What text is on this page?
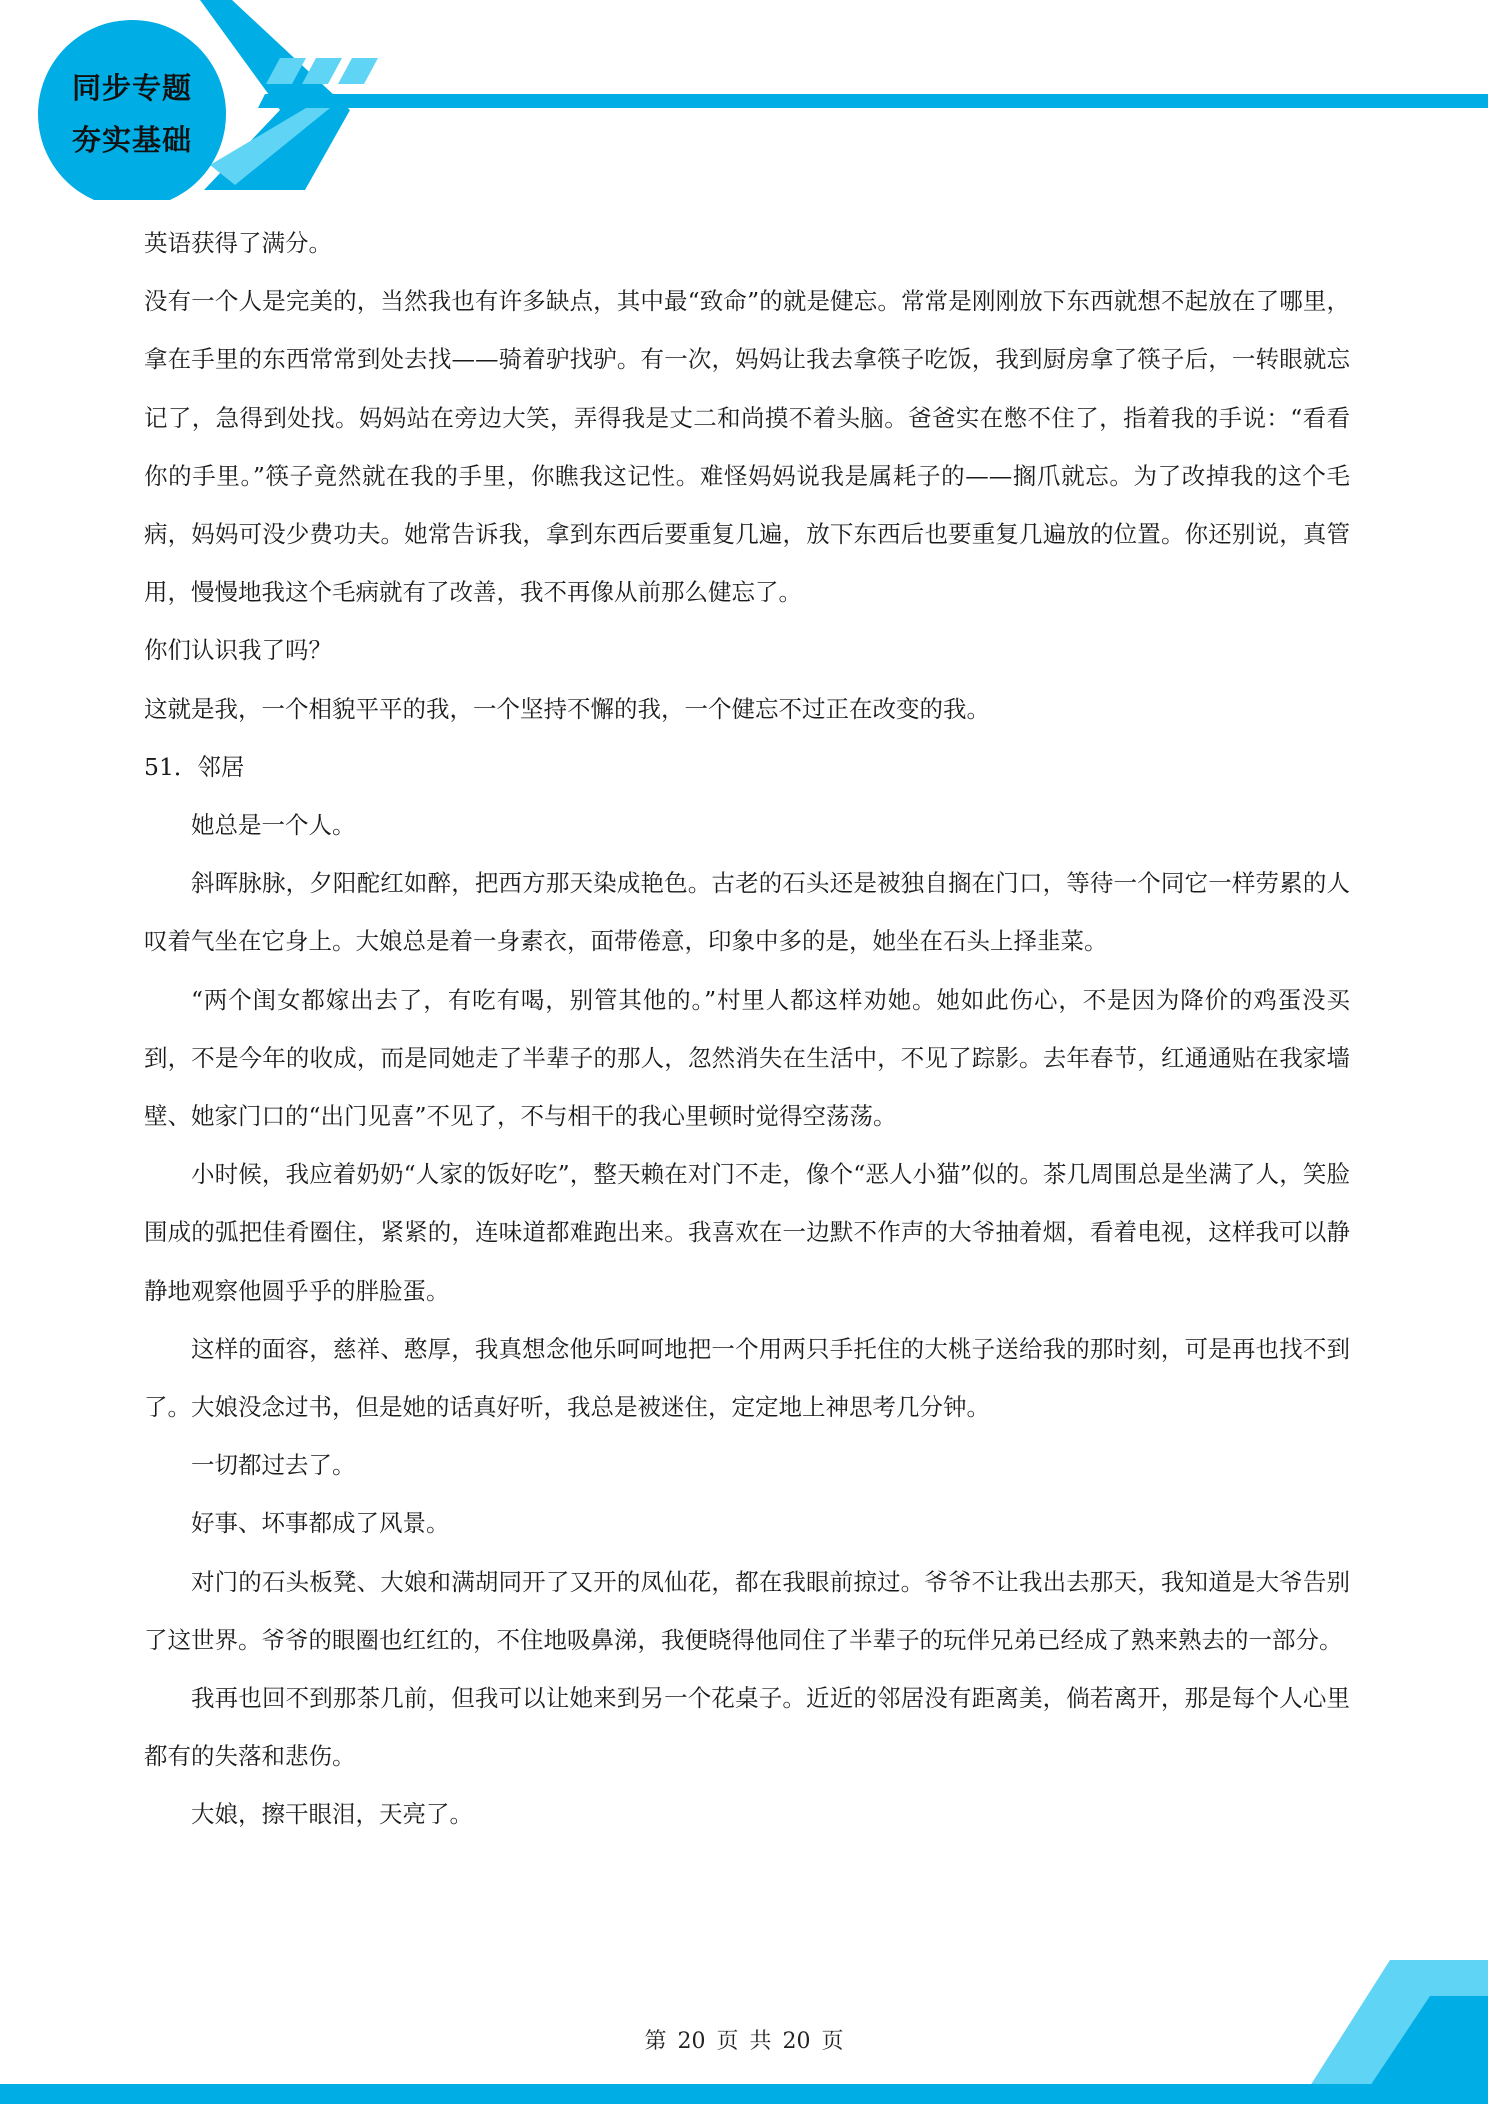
同步专题
夯实基础

英语获得了满分。

没有一个人是完美的，当然我也有许多缺点，其中最“致命”的就是健忘。常常是刚刚放下东西就想不起放在了哪里，拿在手里的东西常常到处去找——骑着驴找驴。有一次，妈妈让我去拿筷子吃饭，我到厨房拿了筷子后，一转眼就忘记了，急得到处找。妈妈站在旁边大笑，弄得我是丈二和尚摸不着头脑。爸爸实在憋不住了，指着我的手说：“看看你的手里。”筷子竟然就在我的手里，你瞧我这记性。难怪妈妈说我是属耗子的——搁爪就忘。为了改掉我的这个毛病，妈妈可没少费功夫。她常告诉我，拿到东西后要重复几遍，放下东西后也要重复几遍放的位置。你还别说，真管用，慢慢地我这个毛病就有了改善，我不再像从前那么健忘了。

你们认识我了吗？

这就是我，一个相貌平平的我，一个坚持不懈的我，一个健忘不过正在改变的我。

51．邻居

她总是一个人。

斜晖脉脉，夕阳酡红如醉，把西方那天染成艳色。古老的石头还是被独自搁在门口，等待一个同它一样劳累的人叹着气坐在它身上。大娘总是着一身素衣，面带倦意，印象中多的是，她坐在石头上择韭菜。

“两个闺女都嫁出去了，有吃有喝，别管其他的。”村里人都这样劝她。她如此伤心，不是因为降价的鸡蛋没买到，不是今年的收成，而是同她走了半辈子的那人，忽然消失在生活中，不见了踪影。去年春节，红通通贴在我家墙壁、她家门口的“出门见喜”不见了，不与相干的我心里顿时觉得空荡荡。

小时候，我应着奶奶“人家的饭好吃”，整天赖在对门不走，像个“恶人小猫”似的。茶几周围总是坐满了人，笑脸围成的弧把佳肴圈住，紧紧的，连味道都难跑出来。我喜欢在一边默不作声的大爷抽着烟，看着电视，这样我可以静静地观察他圆乎乎的胖脸蛋。

这样的面容，慈祥、憨厚，我真想念他乐呵呵地把一个用两只手托住的大桃子送给我的那时刻，可是再也找不到了。大娘没念过书，但是她的话真好听，我总是被迷住，定定地上神思考几分钟。

一切都过去了。

好事、坏事都成了风景。

对门的石头板凳、大娘和满胡同开了又开的凤仙花，都在我眼前掠过。爷爷不让我出去那天，我知道是大爷告别了这世界。爷爷的眼圈也红红的，不住地吸鼻涕，我便晓得他同住了半辈子的玩伴兄弟已经成了熟来熟去的一部分。

我再也回不到那茶几前，但我可以让她来到另一个花桌子。近近的邻居没有距离美，倘若离开，那是每个人心里都有的失落和悲伤。

大娘，擦干眼泪，天亮了。

第 20 页 共 20 页
